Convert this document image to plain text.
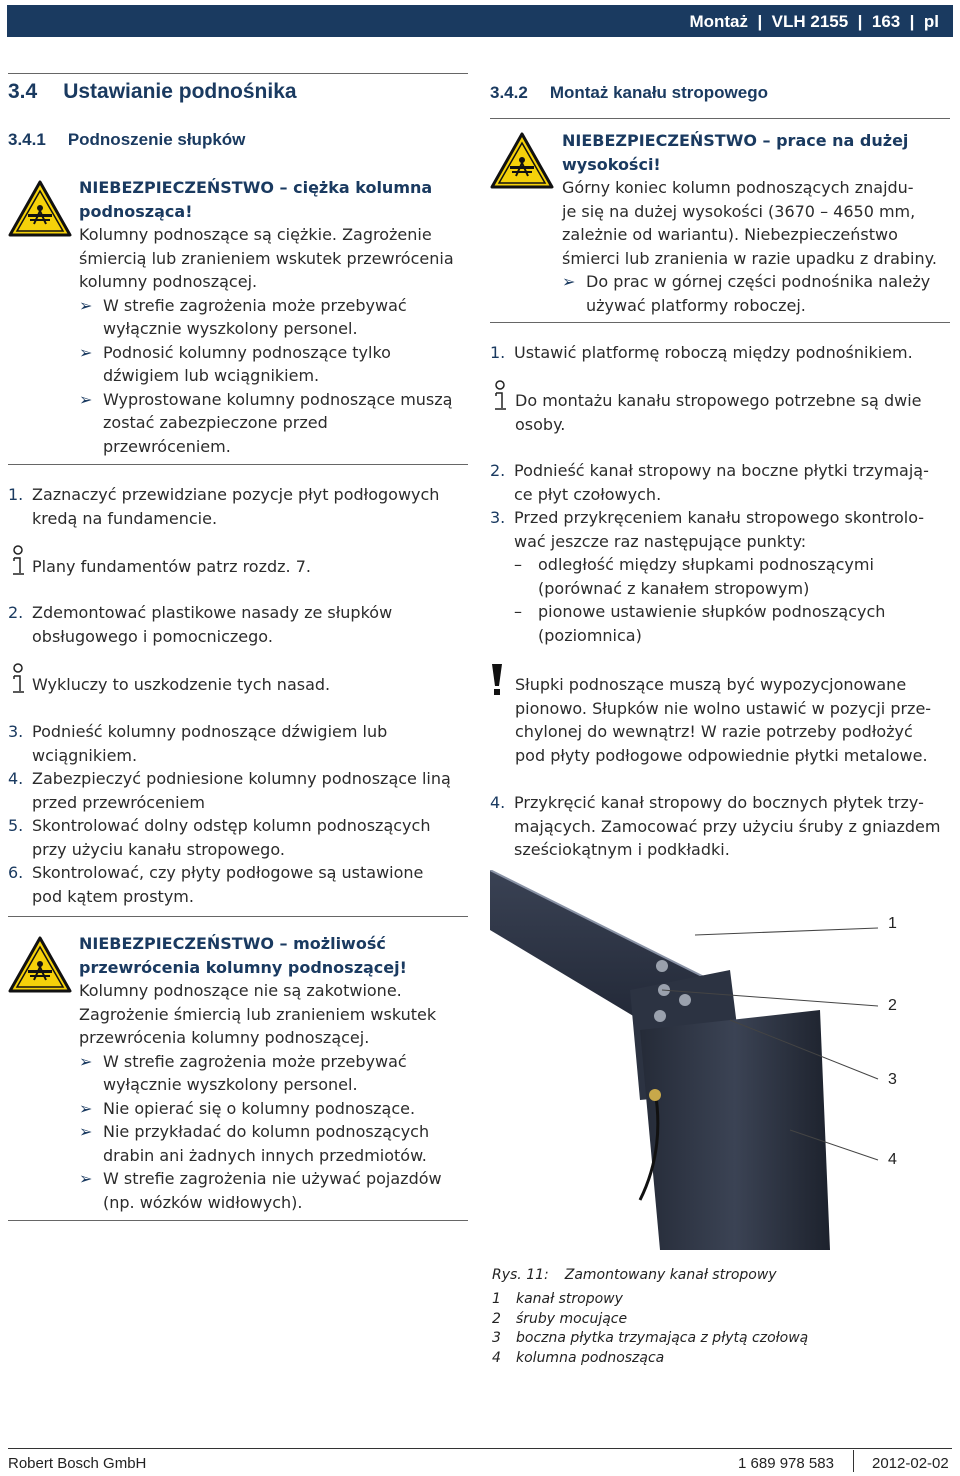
Montaż  |  VLH 2155  |  163  |  pl
3.4 Ustawianie podnośnika
3.4.1 Podnoszenie słupków
NIEBEZPIECZEŃSTWO – ciężka kolumna
podnosząca!
Kolumny podnoszące są ciężkie. Zagrożenie
śmiercią lub zranieniem wskutek przewrócenia
kolumny podnoszącej.
➢ W strefie zagrożenia może przebywać
wyłącznie wyszkolony personel.
➢ Podnosić kolumny podnoszące tylko
dźwigiem lub wciągnikiem.
➢ Wyprostowane kolumny podnoszące muszą
zostać zabezpieczone przed
przewróceniem.
1. Zaznaczyć przewidziane pozycje płyt podłogowych
kredą na fundamencie.
Plany fundamentów patrz rozdz. 7.
2. Zdemontować plastikowe nasady ze słupków
obsługowego i pomocniczego.
Wykluczy to uszkodzenie tych nasad.
3. Podnieść kolumny podnoszące dźwigiem lub
wciągnikiem.
4. Zabezpieczyć podniesione kolumny podnoszące liną
przed przewróceniem
5. Skontrolować dolny odstęp kolumn podnoszących
przy użyciu kanału stropowego.
6. Skontrolować, czy płyty podłogowe są ustawione
pod kątem prostym.
NIEBEZPIECZEŃSTWO – możliwość
przewrócenia kolumny podnoszącej!
Kolumny podnoszące nie są zakotwione.
Zagrożenie śmiercią lub zranieniem wskutek
przewrócenia kolumny podnoszącej.
➢ W strefie zagrożenia może przebywać
wyłącznie wyszkolony personel.
➢ Nie opierać się o kolumny podnoszące.
➢ Nie przykładać do kolumn podnoszących
drabin ani żadnych innych przedmiotów.
➢ W strefie zagrożenia nie używać pojazdów
(np. wózków widłowych).
3.4.2 Montaż kanału stropowego
NIEBEZPIECZEŃSTWO – prace na dużej
wysokości!
Górny koniec kolumn podnoszących znajdu-
je się na dużej wysokości (3670 – 4650 mm,
zależnie od wariantu). Niebezpieczeństwo
śmierci lub zranienia w razie upadku z drabiny.
➢ Do prac w górnej części podnośnika należy
używać platformy roboczej.
1. Ustawić platformę roboczą między podnośnikiem.
Do montażu kanału stropowego potrzebne są dwie
osoby.
2. Podnieść kanał stropowy na boczne płytki trzymają-
ce płyt czołowych.
3. Przed przykręceniem kanału stropowego skontrolo-
wać jeszcze raz następujące punkty:
– odległość między słupkami podnoszącymi
(porównać z kanałem stropowym)
– pionowe ustawienie słupków podnoszących
(poziomnica)
Słupki podnoszące muszą być wypozycjonowane
pionowo. Słupków nie wolno ustawić w pozycji prze-
chylonej do wewnątrz! W razie potrzeby podłożyć
pod płyty podłogowe odpowiednie płytki metalowe.
4. Przykręcić kanał stropowy do bocznych płytek trzy-
mających. Zamocować przy użyciu śruby z gniazdem
sześciokątnym i podkładki.
1
2
3
4
Rys. 11: Zamontowany kanał stropowy
1 kanał stropowy
2 śruby mocujące
3 boczna płytka trzymająca z płytą czołową
4 kolumna podnosząca
Robert Bosch GmbH	1 689 978 583	2012-02-02
